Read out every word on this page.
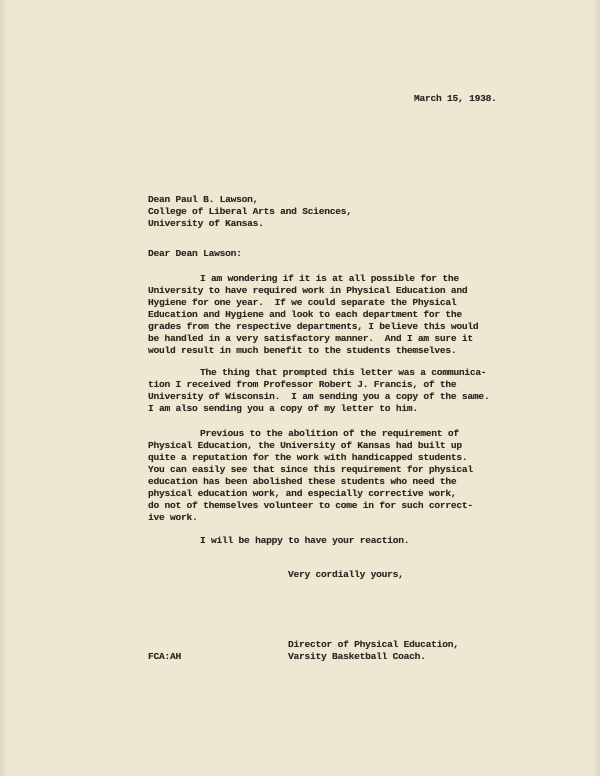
March 15, 1938.
Dean Paul B. Lawson,
College of Liberal Arts and Sciences,
University of Kansas.
Dear Dean Lawson:
I am wondering if it is at all possible for the
University to have required work in Physical Education and
Hygiene for one year.  If we could separate the Physical
Education and Hygiene and look to each department for the
grades from the respective departments, I believe this would
be handled in a very satisfactory manner.  And I am sure it
would result in much benefit to the students themselves.
The thing that prompted this letter was a communica-
tion I received from Professor Robert J. Francis, of the
University of Wisconsin.  I am sending you a copy of the same.
I am also sending you a copy of my letter to him.
Previous to the abolition of the requirement of
Physical Education, the University of Kansas had built up
quite a reputation for the work with handicapped students.
You can easily see that since this requirement for physical
education has been abolished these students who need the
physical education work, and especially corrective work,
do not of themselves volunteer to come in for such correct-
ive work.
I will be happy to have your reaction.
Very cordially yours,
Director of Physical Education,
Varsity Basketball Coach.
FCA:AH
